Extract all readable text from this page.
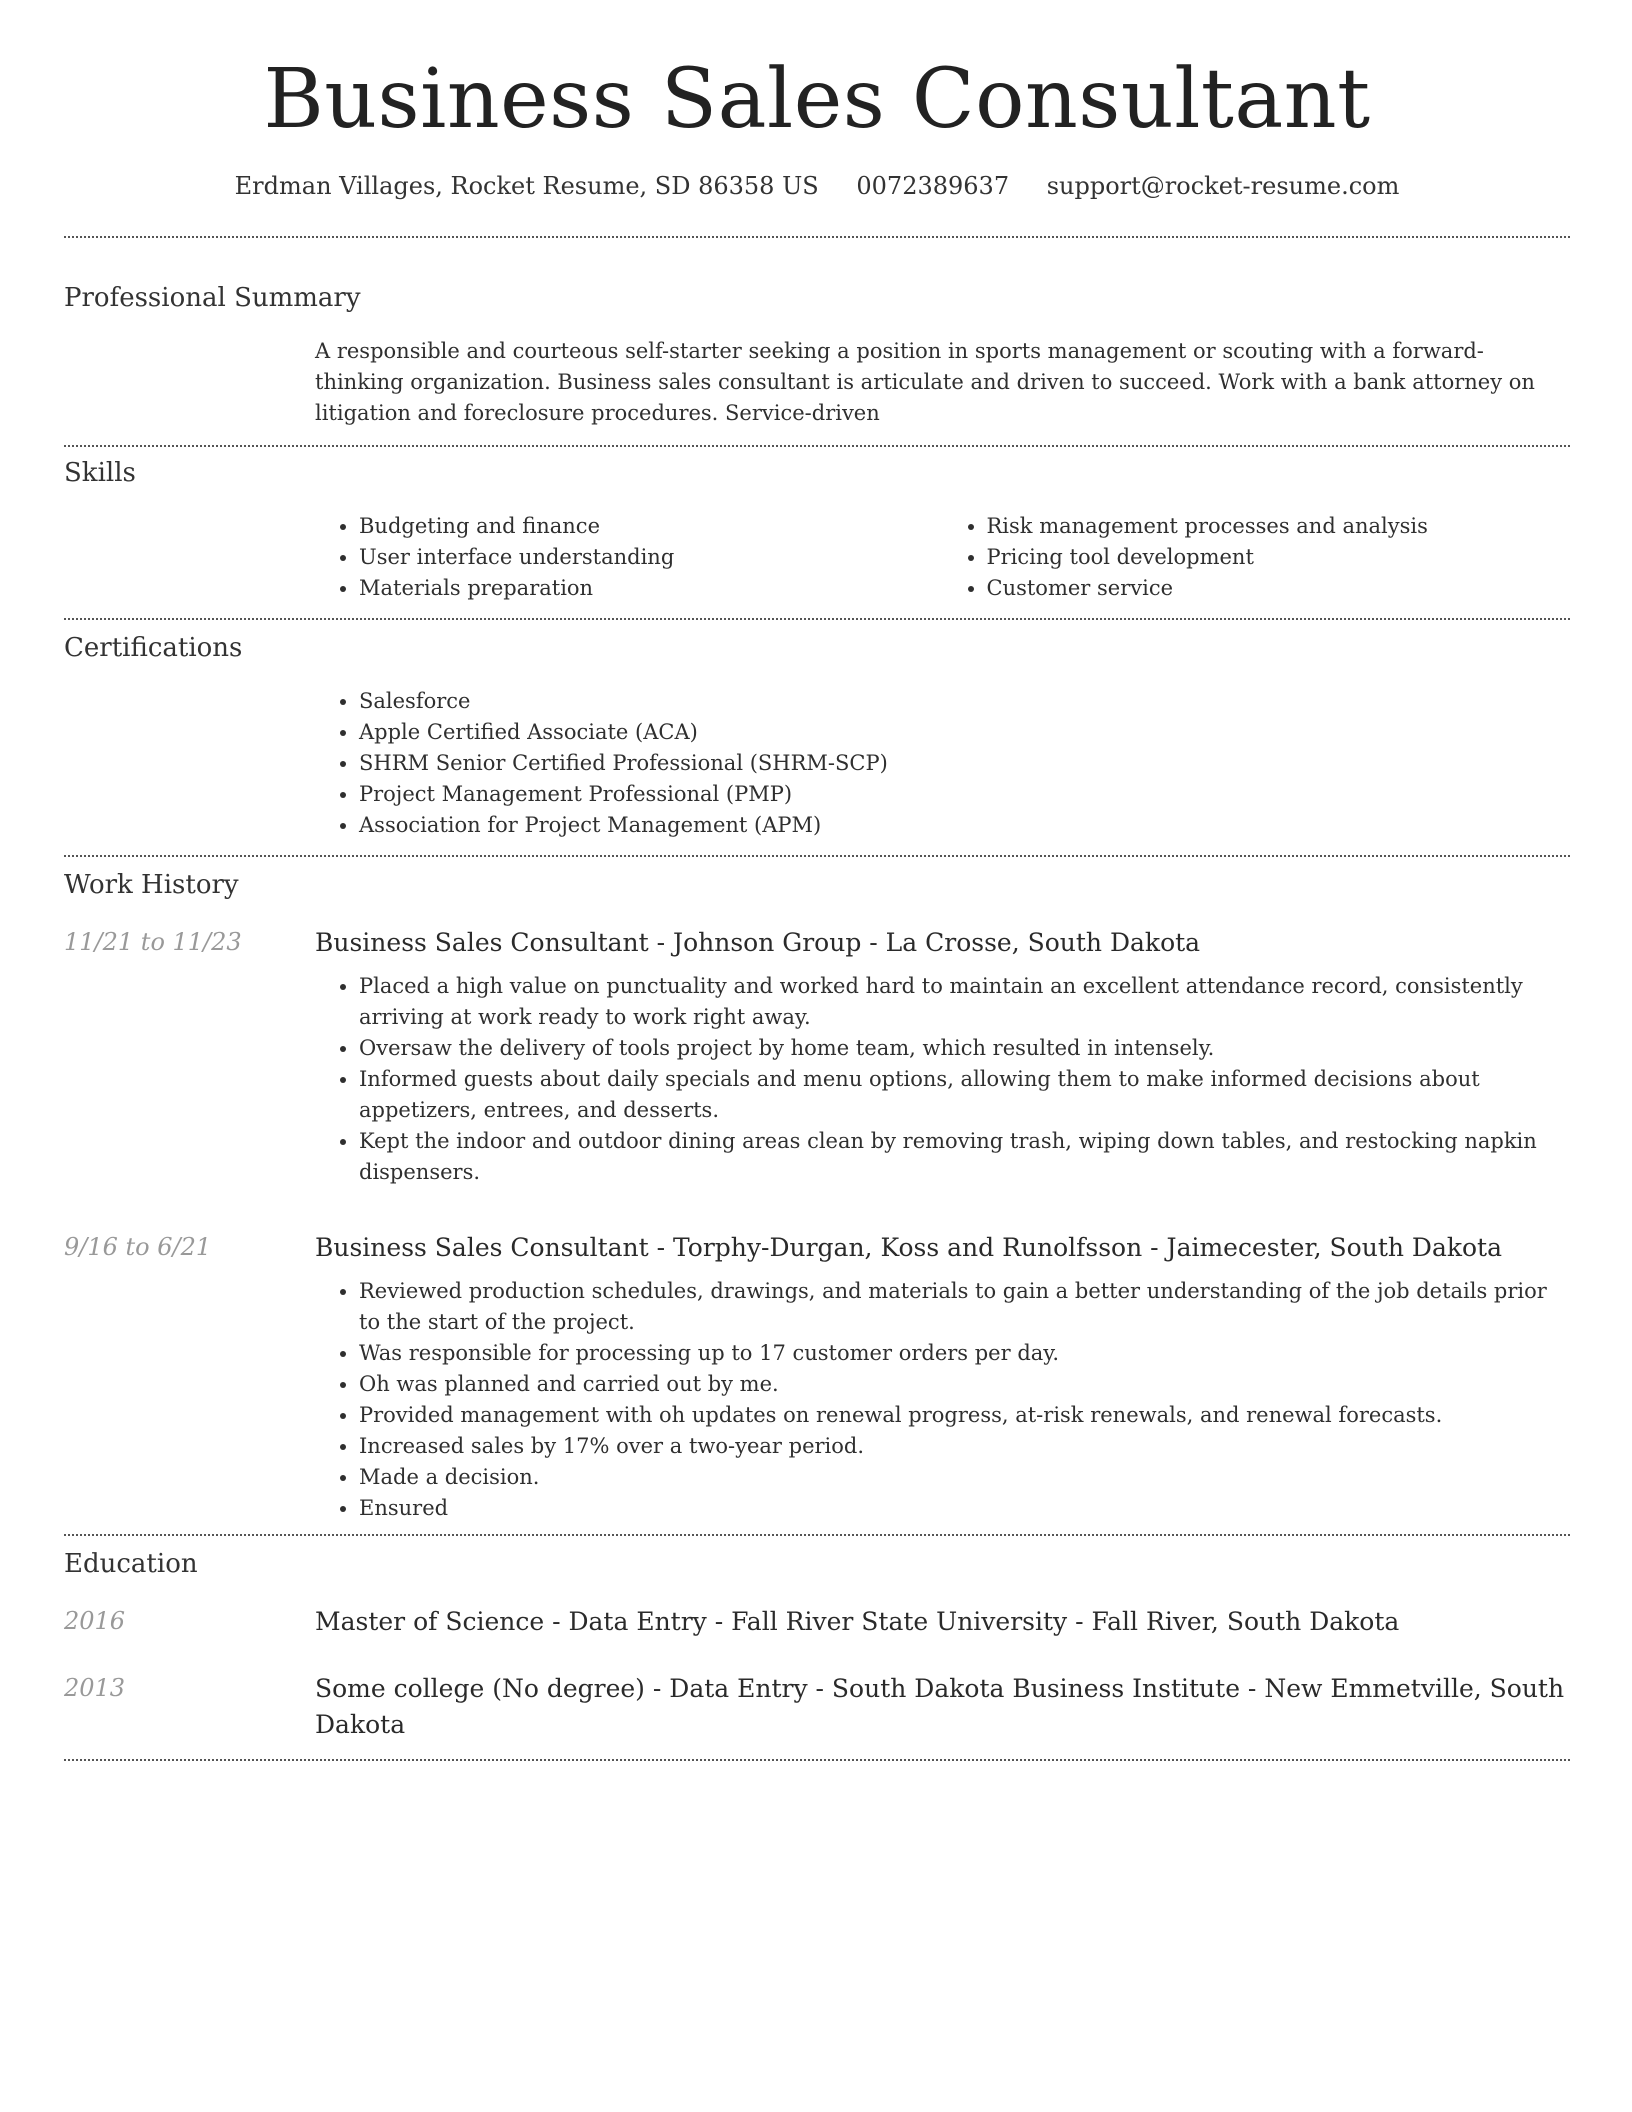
Business Sales Consultant
Erdman Villages, Rocket Resume, SD 86358 US 0072389637 support@rocket-resume.com
Professional Summary
A responsible and courteous self-starter seeking a position in sports management or scouting with a forward-thinking organization. Business sales consultant is articulate and driven to succeed. Work with a bank attorney on litigation and foreclosure procedures. Service-driven
Skills
• Budgeting and finance
• User interface understanding
• Materials preparation
• Risk management processes and analysis
• Pricing tool development
• Customer service
Certifications
• Salesforce
• Apple Certified Associate (ACA)
• SHRM Senior Certified Professional (SHRM-SCP)
• Project Management Professional (PMP)
• Association for Project Management (APM)
Work History
11/21 to 11/23	Business Sales Consultant - Johnson Group - La Crosse, South Dakota
• Placed a high value on punctuality and worked hard to maintain an excellent attendance record, consistently arriving at work ready to work right away.
• Oversaw the delivery of tools project by home team, which resulted in intensely.
• Informed guests about daily specials and menu options, allowing them to make informed decisions about appetizers, entrees, and desserts.
• Kept the indoor and outdoor dining areas clean by removing trash, wiping down tables, and restocking napkin dispensers.
9/16 to 6/21	Business Sales Consultant - Torphy-Durgan, Koss and Runolfsson - Jaimecester, South Dakota
• Reviewed production schedules, drawings, and materials to gain a better understanding of the job details prior to the start of the project.
• Was responsible for processing up to 17 customer orders per day.
• Oh was planned and carried out by me.
• Provided management with oh updates on renewal progress, at-risk renewals, and renewal forecasts.
• Increased sales by 17% over a two-year period.
• Made a decision.
• Ensured
Education
2016	Master of Science - Data Entry - Fall River State University - Fall River, South Dakota
2013	Some college (No degree) - Data Entry - South Dakota Business Institute - New Emmetville, South Dakota
